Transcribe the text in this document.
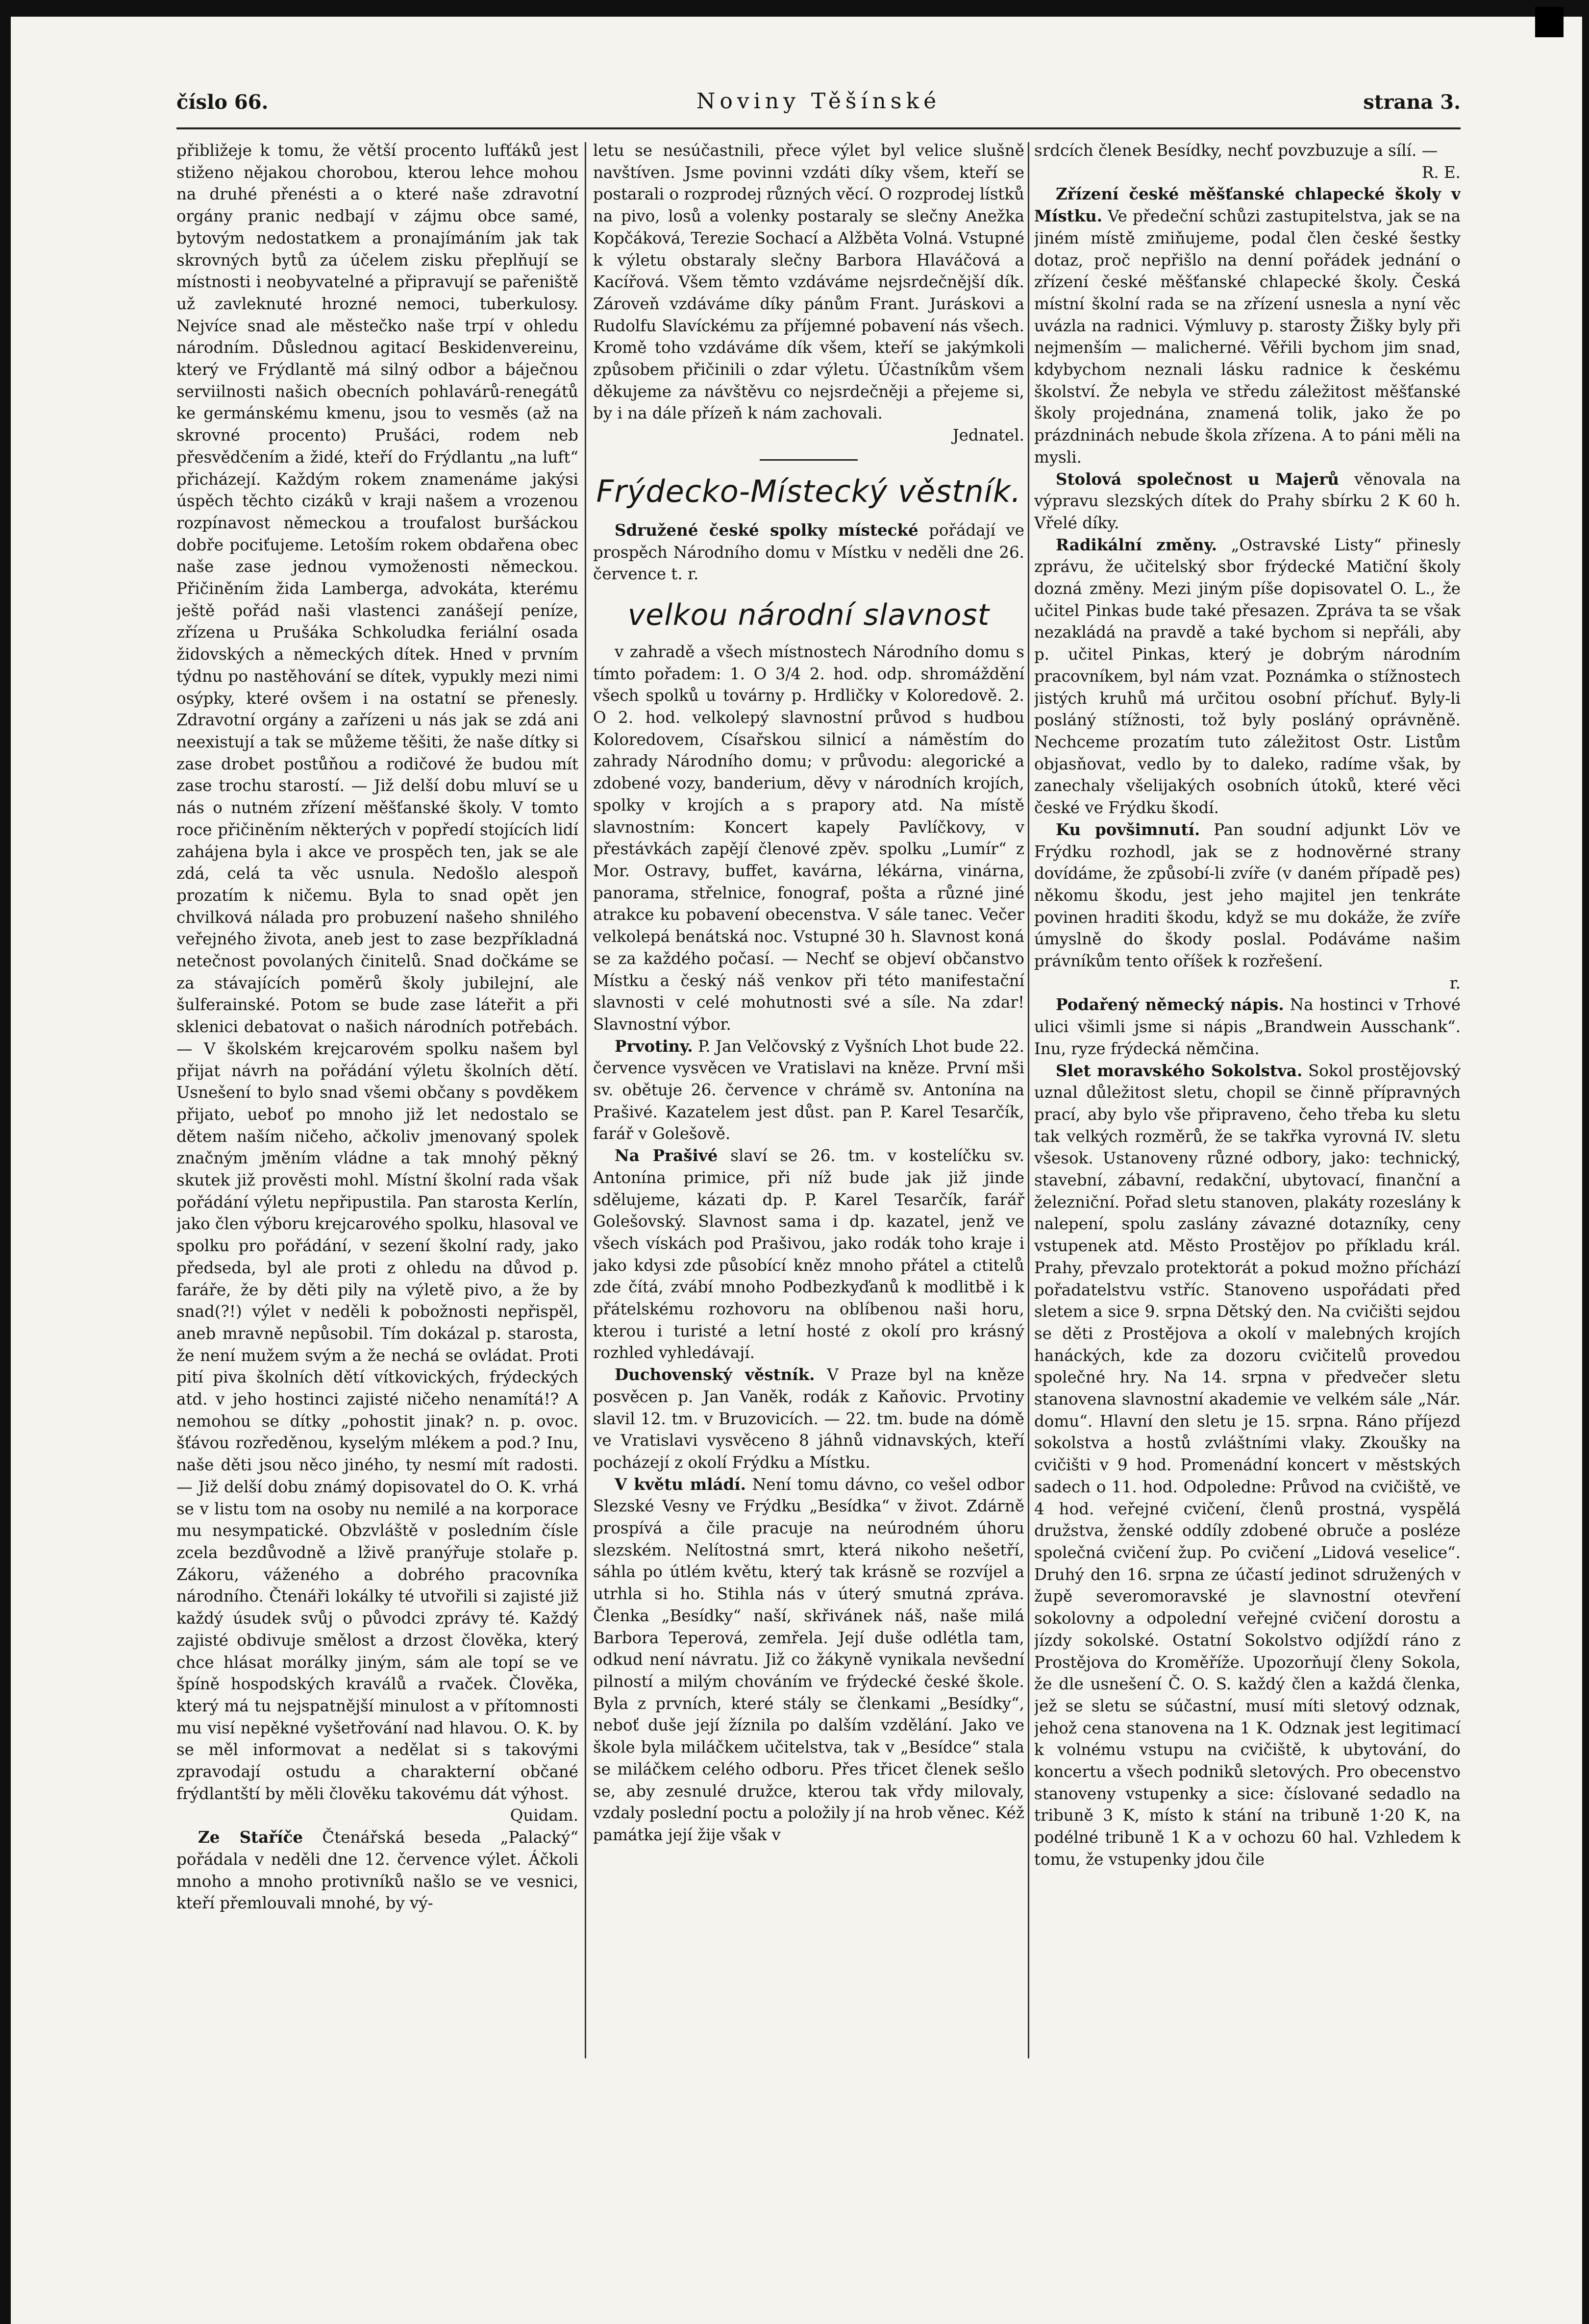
číslo 66.	Noviny Těšínské	strana 3.

přibližeje k tomu, že větší procento lufťáků jest stiženo nějakou chorobou, kterou lehce mohou na druhé přenésti a o které naše zdravotní orgány pranic nedbají v zájmu obce samé, bytovým nedostatkem a pronajímáním jak tak skrovných bytů za účelem zisku přeplňují se místnosti i neobyvatelné a připravují se pařeniště už zavleknuté hrozné nemoci, tuberkulosy. Nejvíce snad ale městečko naše trpí v ohledu národním. Důslednou agitací Beskidenvereinu, který ve Frýdlantě má silný odbor a báječnou serviilnosti našich obecních pohlavárů-renegátů ke germánskému kmenu, jsou to vesměs (až na skrovné procento) Prušáci, rodem neb přesvědčením a židé, kteří do Frýdlantu „na luft“ přicházejí. Každým rokem znamenáme jakýsi úspěch těchto cizáků v kraji našem a vrozenou rozpínavost německou a troufalost buršáckou dobře pociťujeme. Letoším rokem obdařena obec naše zase jednou vymoženosti německou. Přičiněním žida Lamberga, advokáta, kterému ještě pořád naši vlastenci zanášejí peníze, zřízena u Prušáka Schkoludka feriální osada židovských a německých dítek. Hned v prvním týdnu po nastěhování se dítek, vypukly mezi nimi osýpky, které ovšem i na ostatní se přenesly. Zdravotní orgány a zařízeni u nás jak se zdá ani neexistují a tak se můžeme těšiti, že naše dítky si zase drobet postůňou a rodičové že budou mít zase trochu starostí. — Již delší dobu mluví se u nás o nutném zřízení měšťanské školy. V tomto roce přičiněním některých v popředí stojících lidí zahájena byla i akce ve prospěch ten, jak se ale zdá, celá ta věc usnula. Nedošlo alespoň prozatím k ničemu. Byla to snad opět jen chvilková nálada pro probuzení našeho shnilého veřejného života, aneb jest to zase bezpříkladná netečnost povolaných činitelů. Snad dočkáme se za stávajících poměrů školy jubilejní, ale šulferainské. Potom se bude zase láteřit a při sklenici debatovat o našich národních potřebách. — V školském krejcarovém spolku našem byl přijat návrh na pořádání výletu školních dětí. Usnešení to bylo snad všemi občany s povděkem přijato, ueboť po mnoho již let nedostalo se dětem naším ničeho, ačkoliv jmenovaný spolek značným jměním vládne a tak mnohý pěkný skutek již prověsti mohl. Místní školní rada však pořádání výletu nepřipustila. Pan starosta Kerlín, jako člen výboru krejcarového spolku, hlasoval ve spolku pro pořádání, v sezení školní rady, jako předseda, byl ale proti z ohledu na důvod p. faráře, že by děti pily na výletě pivo, a že by snad(?!) výlet v neděli k pobožnosti nepřispěl, aneb mravně nepůsobil. Tím dokázal p. starosta, že není mužem svým a že nechá se ovládat. Proti pití piva školních dětí vítkovických, frýdeckých atd. v jeho hostinci zajisté ničeho nenamítá!? A nemohou se dítky „pohostit jinak? n. p. ovoc. šťávou rozředěnou, kyselým mlékem a pod.? Inu, naše děti jsou něco jiného, ty nesmí mít radosti. — Již delší dobu známý dopisovatel do O. K. vrhá se v listu tom na osoby nu nemilé a na korporace mu nesympatické. Obzvláště v posledním čísle zcela bezdůvodně a lživě pranýřuje stolaře p. Zákoru, váženého a dobrého pracovníka národního. Čtenáři lokálky té utvořili si zajisté již každý úsudek svůj o původci zprávy té. Každý zajisté obdivuje smělost a drzost člověka, který chce hlásat morálky jiným, sám ale topí se ve špíně hospodských kraválů a rvaček. Člověka, který má tu nejspatnější minulost a v přítomnosti mu visí nepěkné vyšetřování nad hlavou. O. K. by se měl informovat a nedělat si s takovými zpravodají ostudu a charakterní občané frýdlantští by měli člověku takovému dát výhost.

Quidam.

Ze Staříče Čtenářská beseda „Palacký“ pořádala v neděli dne 12. července výlet. Áčkoli mnoho a mnoho protivníků našlo se ve vesnici, kteří přemlouvali mnohé, by vý-

letu se nesúčastnili, přece výlet byl velice slušně navštíven. Jsme povinni vzdáti díky všem, kteří se postarali o rozprodej různých věcí. O rozprodej lístků na pivo, losů a volenky postaraly se slečny Anežka Kopčáková, Terezie Sochací a Alžběta Volná. Vstupné k výletu obstaraly slečny Barbora Hlaváčová a Kacířová. Všem těmto vzdáváme nejsrdečnější dík. Zároveň vzdáváme díky pánům Frant. Juráskovi a Rudolfu Slavíckému za příjemné pobavení nás všech. Kromě toho vzdáváme dík všem, kteří se jakýmkoli způsobem přičinili o zdar výletu. Účastníkům všem děkujeme za návštěvu co nejsrdečněji a přejeme si, by i na dále přízeň k nám zachovali.

Jednatel.

Frýdecko-Místecký věstník.

Sdružené české spolky místecké pořádají ve prospěch Národního domu v Místku v neděli dne 26. července t. r.

velkou národní slavnost

v zahradě a všech místnostech Národního domu s tímto pořadem: 1. O 3/4 2. hod. odp. shromáždění všech spolků u továrny p. Hrdličky v Koloredově. 2. O 2. hod. velkolepý slavnostní průvod s hudbou Koloredovem, Císařskou silnicí a náměstím do zahrady Národního domu; v průvodu: alegorické a zdobené vozy, banderium, děvy v národních krojích, spolky v krojích a s prapory atd. Na místě slavnostním: Koncert kapely Pavlíčkovy, v přestávkách zapějí členové zpěv. spolku „Lumír“ z Mor. Ostravy, buffet, kavárna, lékárna, vinárna, panorama, střelnice, fonograf, pošta a různé jiné atrakce ku pobavení obecenstva. V sále tanec. Večer velkolepá benátská noc. Vstupné 30 h. Slavnost koná se za každého počasí. — Nechť se objeví občanstvo Místku a český náš venkov při této manifestační slavnosti v celé mohutnosti své a síle. Na zdar! Slavnostní výbor.

Prvotiny. P. Jan Velčovský z Vyšních Lhot bude 22. července vysvěcen ve Vratislavi na kněze. První mši sv. obětuje 26. července v chrámě sv. Antonína na Prašivé. Kazatelem jest důst. pan P. Karel Tesarčík, farář v Golešově.

Na Prašivé slaví se 26. tm. v kostelíčku sv. Antonína primice, při níž bude jak již jinde sdělujeme, kázati dp. P. Karel Tesarčík, farář Golešovský. Slavnost sama i dp. kazatel, jenž ve všech vískách pod Prašivou, jako rodák toho kraje i jako kdysi zde působící kněz mnoho přátel a ctitelů zde čítá, zvábí mnoho Podbezkyďanů k modlitbě i k přátelskému rozhovoru na oblíbenou naši horu, kterou i turisté a letní hosté z okolí pro krásný rozhled vyhledávají.

Duchovenský věstník. V Praze byl na kněze posvěcen p. Jan Vaněk, rodák z Kaňovic. Prvotiny slavil 12. tm. v Bruzovicích. — 22. tm. bude na dómě ve Vratislavi vysvěceno 8 jáhnů vidnavských, kteří pocházejí z okolí Frýdku a Místku.

V květu mládí. Není tomu dávno, co vešel odbor Slezské Vesny ve Frýdku „Besídka“ v život. Zdárně prospívá a čile pracuje na neúrodném úhoru slezském. Nelítostná smrt, která nikoho nešetří, sáhla po útlém květu, který tak krásně se rozvíjel a utrhla si ho. Stihla nás v úterý smutná zpráva. Členka „Besídky“ naší, skřivánek náš, naše milá Barbora Teperová, zemřela. Její duše odlétla tam, odkud není návratu. Již co žákyně vynikala nevšední pilností a milým chováním ve frýdecké české škole. Byla z prvních, které stály se členkami „Besídky“, neboť duše její žíznila po dalším vzdělání. Jako ve škole byla miláčkem učitelstva, tak v „Besídce“ stala se miláčkem celého odboru. Přes třicet členek sešlo se, aby zesnulé družce, kterou tak vřdy milovaly, vzdaly poslední poctu a položily jí na hrob věnec. Kéž památka její žije však v

srdcích členek Besídky, nechť povzbuzuje a sílí. —

R. E.

Zřízení české měšťanské chlapecké školy v Místku. Ve předeční schůzi zastupitelstva, jak se na jiném místě zmiňujeme, podal člen české šestky dotaz, proč nepřišlo na denní pořádek jednání o zřízení české měšťanské chlapecké školy. Česká místní školní rada se na zřízení usnesla a nyní věc uvázla na radnici. Výmluvy p. starosty Žišky byly při nejmenším — malicherné. Věřili bychom jim snad, kdybychom neznali lásku radnice k českému školství. Že nebyla ve středu záležitost měšťanské školy projednána, znamená tolik, jako že po prázdninách nebude škola zřízena. A to páni měli na mysli.

Stolová společnost u Majerů věnovala na výpravu slezských dítek do Prahy sbírku 2 K 60 h. Vřelé díky.

Radikální změny. „Ostravské Listy“ přinesly zprávu, že učitelský sbor frýdecké Matiční školy dozná změny. Mezi jiným píše dopisovatel O. L., že učitel Pinkas bude také přesazen. Zpráva ta se však nezakládá na pravdě a také bychom si nepřáli, aby p. učitel Pinkas, který je dobrým národním pracovníkem, byl nám vzat. Poznámka o stížnostech jistých kruhů má určitou osobní příchuť. Byly-li posláný stížnosti, tož byly posláný oprávněně. Nechceme prozatím tuto záležitost Ostr. Listům objasňovat, vedlo by to daleko, radíme však, by zanechaly všelijakých osobních útoků, které věci české ve Frýdku škodí.

Ku povšimnutí. Pan soudní adjunkt Löv ve Frýdku rozhodl, jak se z hodnověrné strany dovídáme, že způsobí-li zvíře (v daném případě pes) někomu škodu, jest jeho majitel jen tenkráte povinen hraditi škodu, když se mu dokáže, že zvíře úmyslně do škody poslal. Podáváme našim právníkům tento oříšek k rozřešení.

r.

Podařený německý nápis. Na hostinci v Trhové ulici všimli jsme si nápis „Brandwein Ausschank“. Inu, ryze frýdecká němčina.

Slet moravského Sokolstva. Sokol prostějovský uznal důležitost sletu, chopil se činně přípravných prací, aby bylo vše připraveno, čeho třeba ku sletu tak velkých rozměrů, že se takřka vyrovná IV. sletu všesok. Ustanoveny různé odbory, jako: technický, stavební, zábavní, redakční, ubytovací, finanční a železniční. Pořad sletu stanoven, plakáty rozeslány k nalepení, spolu zaslány závazné dotazníky, ceny vstupenek atd. Město Prostějov po příkladu král. Prahy, převzalo protektorát a pokud možno příchází pořadatelstvu vstříc. Stanoveno uspořádati před sletem a sice 9. srpna Dětský den. Na cvičišti sejdou se děti z Prostějova a okolí v malebných krojích hanáckých, kde za dozoru cvičitelů provedou společné hry. Na 14. srpna v předvečer sletu stanovena slavnostní akademie ve velkém sále „Nár. domu“. Hlavní den sletu je 15. srpna. Ráno příjezd sokolstva a hostů zvláštními vlaky. Zkoušky na cvičišti v 9 hod. Promenádní koncert v městských sadech o 11. hod. Odpoledne: Průvod na cvičiště, ve 4 hod. veřejné cvičení, členů prostná, vyspělá družstva, ženské oddíly zdobené obruče a posléze společná cvičení žup. Po cvičení „Lidová veselice“. Druhý den 16. srpna ze účastí jedinot sdružených v župě severomoravské je slavnostní otevření sokolovny a odpolední veřejné cvičení dorostu a jízdy sokolské. Ostatní Sokolstvo odjíždí ráno z Prostějova do Kroměříže. Upozorňují členy Sokola, že dle usnešení Č. O. S. každý člen a každá členka, jež se sletu se súčastní, musí míti sletový odznak, jehož cena stanovena na 1 K. Odznak jest legitimací k volnému vstupu na cvičiště, k ubytování, do koncertu a všech podniků sletových. Pro obecenstvo stanoveny vstupenky a sice: číslované sedadlo na tribuně 3 K, místo k stání na tribuně 1·20 K, na podélné tribuně 1 K a v ochozu 60 hal. Vzhledem k tomu, že vstupenky jdou čile
